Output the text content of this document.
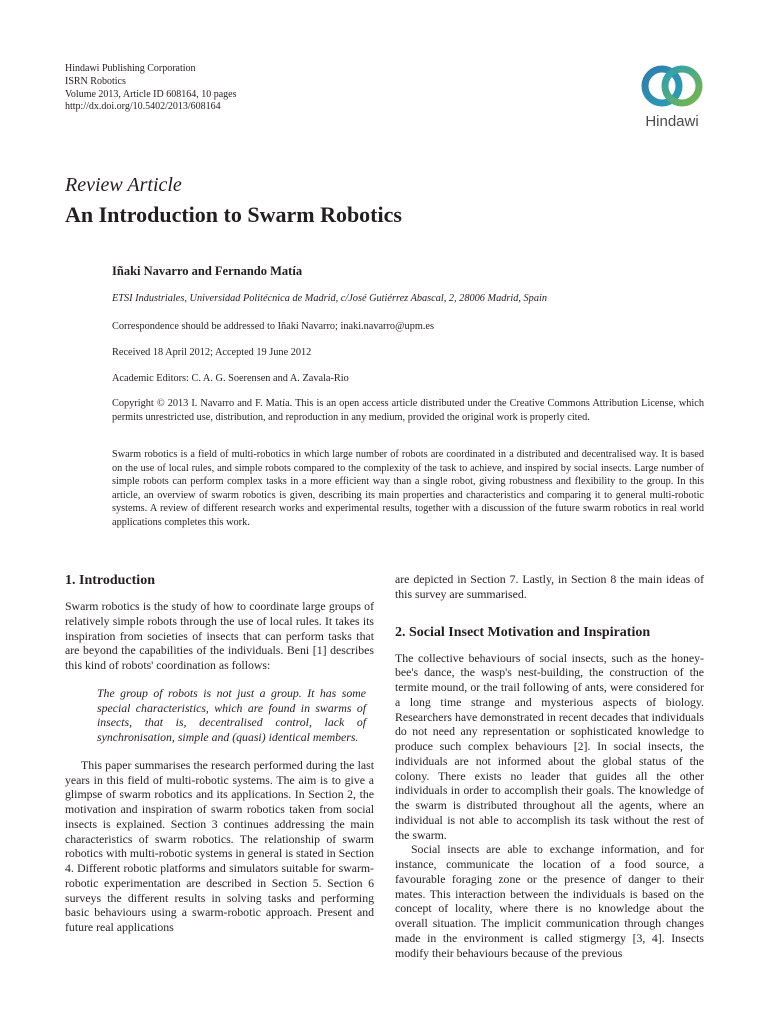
Hindawi Publishing Corporation
ISRN Robotics
Volume 2013, Article ID 608164, 10 pages
http://dx.doi.org/10.5402/2013/608164
Hindawi
Review Article
An Introduction to Swarm Robotics
Iñaki Navarro and Fernando Matía
ETSI Industriales, Universidad Politécnica de Madrid, c/José Gutiérrez Abascal, 2, 28006 Madrid, Spain
Correspondence should be addressed to Iñaki Navarro; inaki.navarro@upm.es
Received 18 April 2012; Accepted 19 June 2012
Academic Editors: C. A. G. Soerensen and A. Zavala-Rio
Copyright © 2013 I. Navarro and F. Matía. This is an open access article distributed under the Creative Commons Attribution License, which permits unrestricted use, distribution, and reproduction in any medium, provided the original work is properly cited.
Swarm robotics is a field of multi-robotics in which large number of robots are coordinated in a distributed and decentralised way. It is based on the use of local rules, and simple robots compared to the complexity of the task to achieve, and inspired by social insects. Large number of simple robots can perform complex tasks in a more efficient way than a single robot, giving robustness and flexibility to the group. In this article, an overview of swarm robotics is given, describing its main properties and characteristics and comparing it to general multi-robotic systems. A review of different research works and experimental results, together with a discussion of the future swarm robotics in real world applications completes this work.
1. Introduction

Swarm robotics is the study of how to coordinate large groups of relatively simple robots through the use of local rules. It takes its inspiration from societies of insects that can perform tasks that are beyond the capabilities of the individuals. Beni [1] describes this kind of robots' coordination as follows:

The group of robots is not just a group. It has some special characteristics, which are found in swarms of insects, that is, decentralised control, lack of synchronisation, simple and (quasi) identical members.

This paper summarises the research performed during the last years in this field of multi-robotic systems. The aim is to give a glimpse of swarm robotics and its applications. In Section 2, the motivation and inspiration of swarm robotics taken from social insects is explained. Section 3 continues addressing the main characteristics of swarm robotics. The relationship of swarm robotics with multi-robotic systems in general is stated in Section 4. Different robotic platforms and simulators suitable for swarm-robotic experimentation are described in Section 5. Section 6 surveys the different results in solving tasks and performing basic behaviours using a swarm-robotic approach. Present and future real applications

are depicted in Section 7. Lastly, in Section 8 the main ideas of this survey are summarised.

2. Social Insect Motivation and Inspiration

The collective behaviours of social insects, such as the honey-bee's dance, the wasp's nest-building, the construction of the termite mound, or the trail following of ants, were considered for a long time strange and mysterious aspects of biology. Researchers have demonstrated in recent decades that individuals do not need any representation or sophisticated knowledge to produce such complex behaviours [2]. In social insects, the individuals are not informed about the global status of the colony. There exists no leader that guides all the other individuals in order to accomplish their goals. The knowledge of the swarm is distributed throughout all the agents, where an individual is not able to accomplish its task without the rest of the swarm.

Social insects are able to exchange information, and for instance, communicate the location of a food source, a favourable foraging zone or the presence of danger to their mates. This interaction between the individuals is based on the concept of locality, where there is no knowledge about the overall situation. The implicit communication through changes made in the environment is called stigmergy [3, 4]. Insects modify their behaviours because of the previous
